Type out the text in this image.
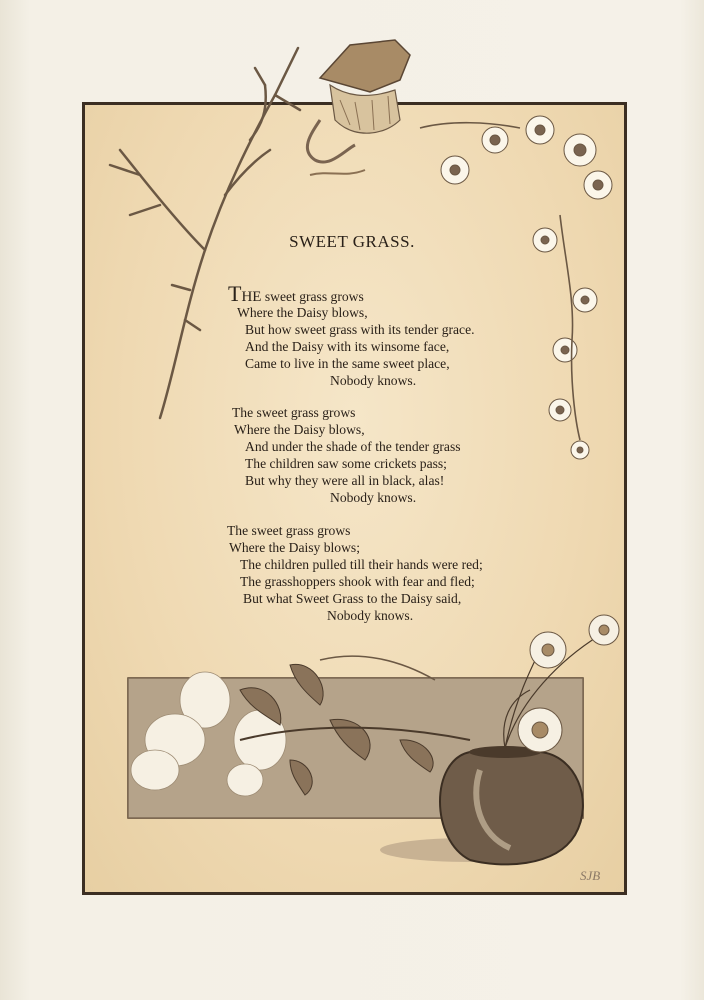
SWEET GRASS.
THE sweet grass grows
Where the Daisy blows,
But how sweet grass with its tender grace.
And the Daisy with its winsome face,
Came to live in the same sweet place,
Nobody knows.
The sweet grass grows
Where the Daisy blows,
And under the shade of the tender grass
The children saw some crickets pass;
But why they were all in black, alas!
Nobody knows.
The sweet grass grows
Where the Daisy blows;
The children pulled till their hands were red;
The grasshoppers shook with fear and fled;
But what Sweet Grass to the Daisy said,
Nobody knows.
SJB
